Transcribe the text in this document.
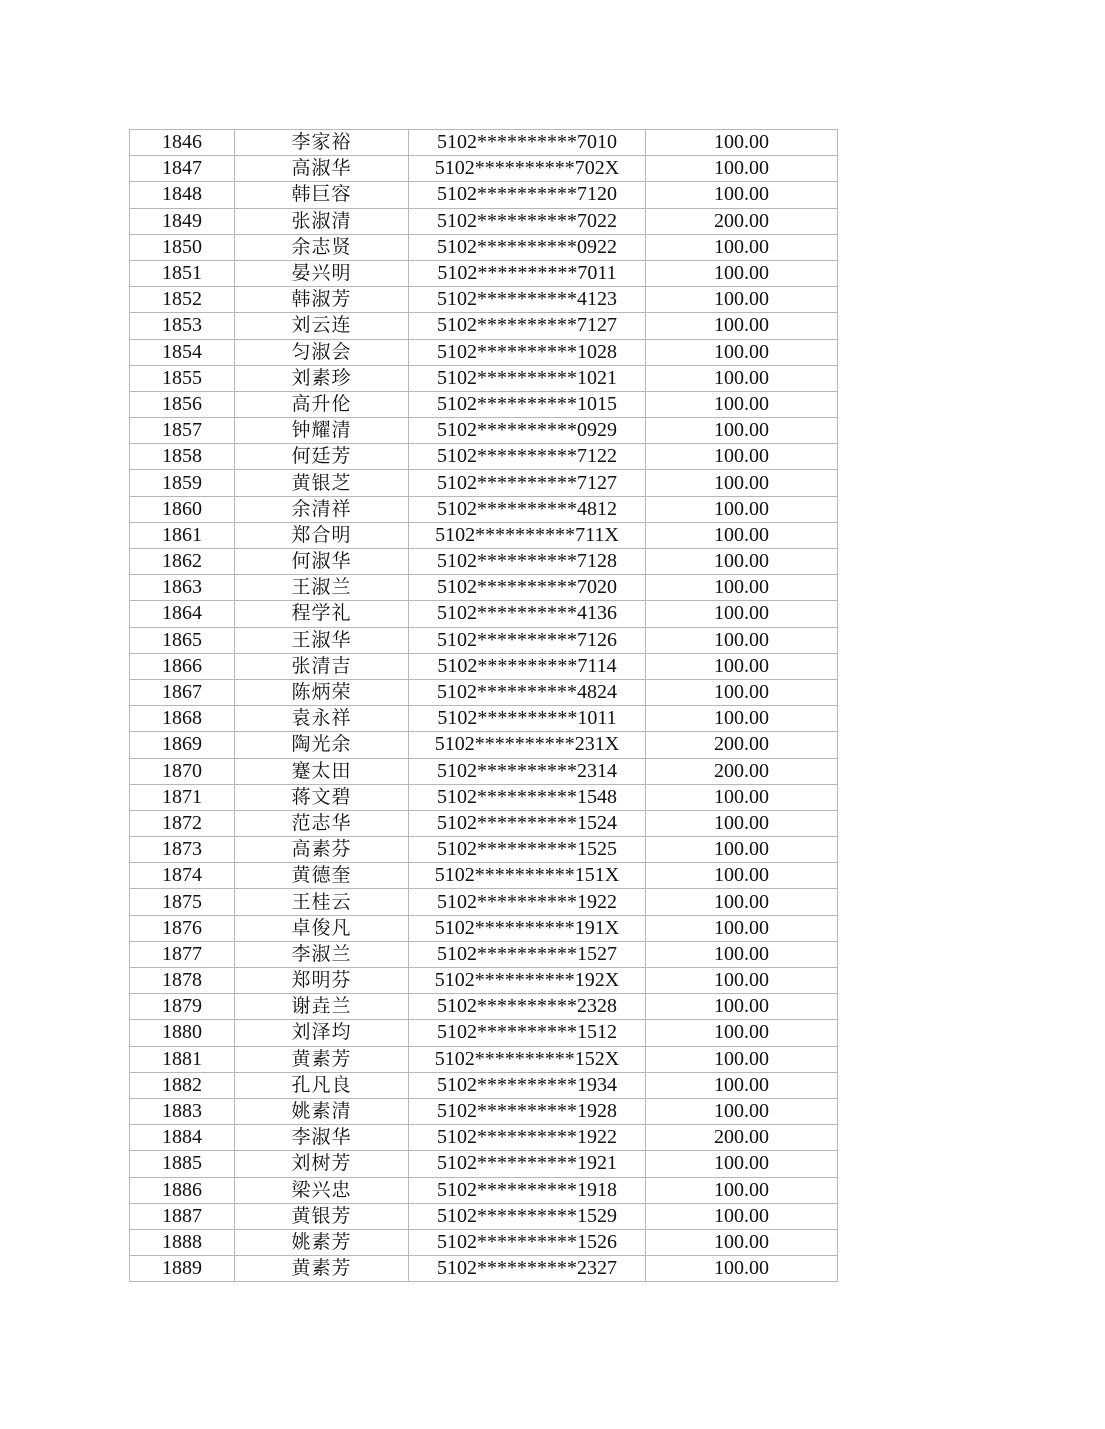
1846	李家裕	5102**********7010	100.00
1847	高淑华	5102**********702X	100.00
1848	韩巨容	5102**********7120	100.00
1849	张淑清	5102**********7022	200.00
1850	余志贤	5102**********0922	100.00
1851	晏兴明	5102**********7011	100.00
1852	韩淑芳	5102**********4123	100.00
1853	刘云连	5102**********7127	100.00
1854	匀淑会	5102**********1028	100.00
1855	刘素珍	5102**********1021	100.00
1856	高升伦	5102**********1015	100.00
1857	钟耀清	5102**********0929	100.00
1858	何廷芳	5102**********7122	100.00
1859	黄银芝	5102**********7127	100.00
1860	余清祥	5102**********4812	100.00
1861	郑合明	5102**********711X	100.00
1862	何淑华	5102**********7128	100.00
1863	王淑兰	5102**********7020	100.00
1864	程学礼	5102**********4136	100.00
1865	王淑华	5102**********7126	100.00
1866	张清吉	5102**********7114	100.00
1867	陈炳荣	5102**********4824	100.00
1868	袁永祥	5102**********1011	100.00
1869	陶光余	5102**********231X	200.00
1870	蹇太田	5102**********2314	200.00
1871	蒋文碧	5102**********1548	100.00
1872	范志华	5102**********1524	100.00
1873	高素芬	5102**********1525	100.00
1874	黄德奎	5102**********151X	100.00
1875	王桂云	5102**********1922	100.00
1876	卓俊凡	5102**********191X	100.00
1877	李淑兰	5102**********1527	100.00
1878	郑明芬	5102**********192X	100.00
1879	谢垚兰	5102**********2328	100.00
1880	刘泽均	5102**********1512	100.00
1881	黄素芳	5102**********152X	100.00
1882	孔凡良	5102**********1934	100.00
1883	姚素清	5102**********1928	100.00
1884	李淑华	5102**********1922	200.00
1885	刘树芳	5102**********1921	100.00
1886	梁兴忠	5102**********1918	100.00
1887	黄银芳	5102**********1529	100.00
1888	姚素芳	5102**********1526	100.00
1889	黄素芳	5102**********2327	100.00
